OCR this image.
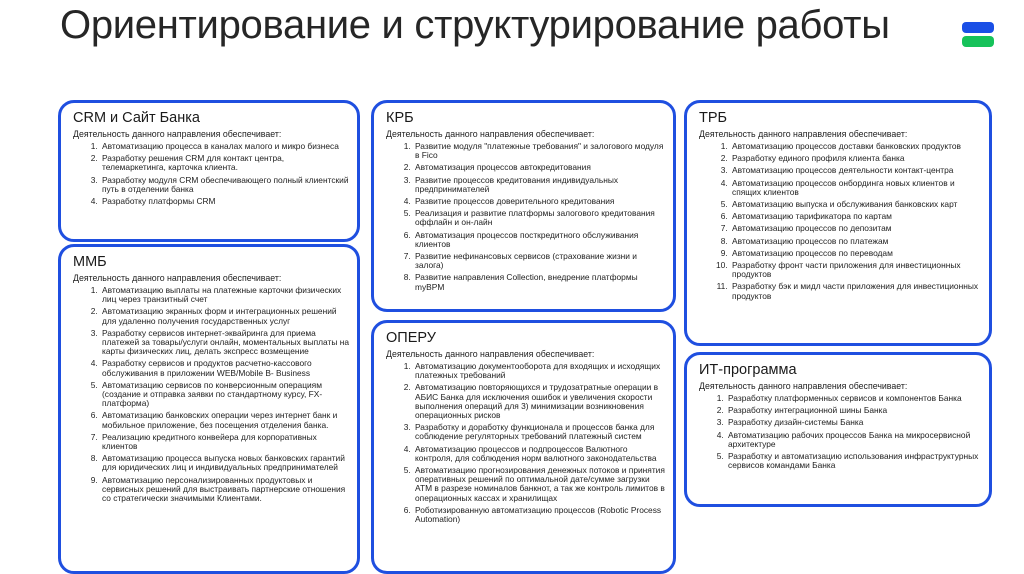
Ориентирование и структурирование работы
CRM и Сайт Банка

Деятельность данного направления обеспечивает:

1. Автоматизацию процесса в каналах малого и микро бизнеса
2. Разработку решения CRM для контакт центра, телемаркетинга, карточка клиента.
3. Разработку модуля CRM обеспечивающего полный клиентский путь в отделении банка
4. Разработку платформы CRM
ММБ

Деятельность данного направления обеспечивает:

1. Автоматизацию выплаты на платежные карточки физических лиц через транзитный счет
2. Автоматизацию экранных форм и интеграционных решений для удаленно получения государственных услуг
3. Разработку сервисов интернет-эквайринга для приема платежей за товары/услуги онлайн, моментальных выплаты на карты физических лиц, делать экспресс возмещение
4. Разработку сервисов и продуктов расчетно-кассового обслуживания в приложении WEB/Mobile B- Business
5. Автоматизацию сервисов по конверсионным операциям (создание и отправка заявки по стандартному курсу, FX-платформа)
6. Автоматизацию банковских операции через интернет банк и мобильное приложение, без посещения отделения банка.
7. Реализацию кредитного конвейера для корпоративных клиентов
8. Автоматизацию процесса выпуска новых банковских гарантий для юридических лиц и индивидуальных предпринимателей
9. Автоматизацию персонализированных продуктовых и сервисных решений для выстраивать партнерские отношения со стратегически значимыми Клиентами.
КРБ

Деятельность данного направления обеспечивает:

1. Развитие модуля "платежные требования" и залогового модуля в Fico
2. Автоматизация процессов автокредитования
3. Развитие процессов кредитования индивидуальных предпринимателей
4. Развитие процессов доверительного кредитования
5. Реализация и развитие платформы залогового кредитования оффлайн и он-лайн
6. Автоматизация процессов посткредитного обслуживания клиентов
7. Развитие нефинансовых сервисов (страхование жизни и залога)
8. Развитие направления Collection, внедрение платформы myBPM
ОПЕРУ

Деятельность данного направления обеспечивает:

1. Автоматизацию документооборота для входящих и исходящих платежных требований
2. Автоматизацию повторяющихся и трудозатратные операции в АБИС Банка для исключения ошибок и увеличения скорости выполнения операций для 3) минимизации возникновения операционных рисков
3. Разработку и доработку функционала и процессов банка для соблюдение регуляторных требований платежный систем
4. Автоматизацию процессов и подпроцессов Валютного контроля, для соблюдения норм валютного законодательства
5. Автоматизацию прогнозирования денежных потоков и принятия оперативных решений по оптимальной дате/сумме загрузки ATM в разрезе номиналов банкнот, а так же контроль лимитов в операционных кассах и хранилищах
6. Роботизированную автоматизацию процессов (Robotic Process Automation)
ТРБ

Деятельность данного направления обеспечивает:

1. Автоматизацию процессов доставки банковских продуктов
2. Разработку единого профиля клиента банка
3. Автоматизацию процессов деятельности контакт-центра
4. Автоматизацию процессов онбординга новых клиентов и спящих клиентов
5. Автоматизацию выпуска и обслуживания банковских карт
6. Автоматизацию тарификатора по картам
7. Автоматизацию процессов по депозитам
8. Автоматизацию процессов по платежам
9. Автоматизацию процессов по переводам
10. Разработку фронт части приложения для инвестиционных продуктов
11. Разработку бэк и мидл части приложения для инвестиционных продуктов
ИТ-программа

Деятельность данного направления обеспечивает:

1. Разработку платформенных сервисов и компонентов Банка
2. Разработку интеграционной шины Банка
3. Разработку дизайн-системы Банка
4. Автоматизацию рабочих процессов Банка на микросервисной архитектуре
5. Разработку и автоматизацию использования инфраструктурных сервисов командами Банка
